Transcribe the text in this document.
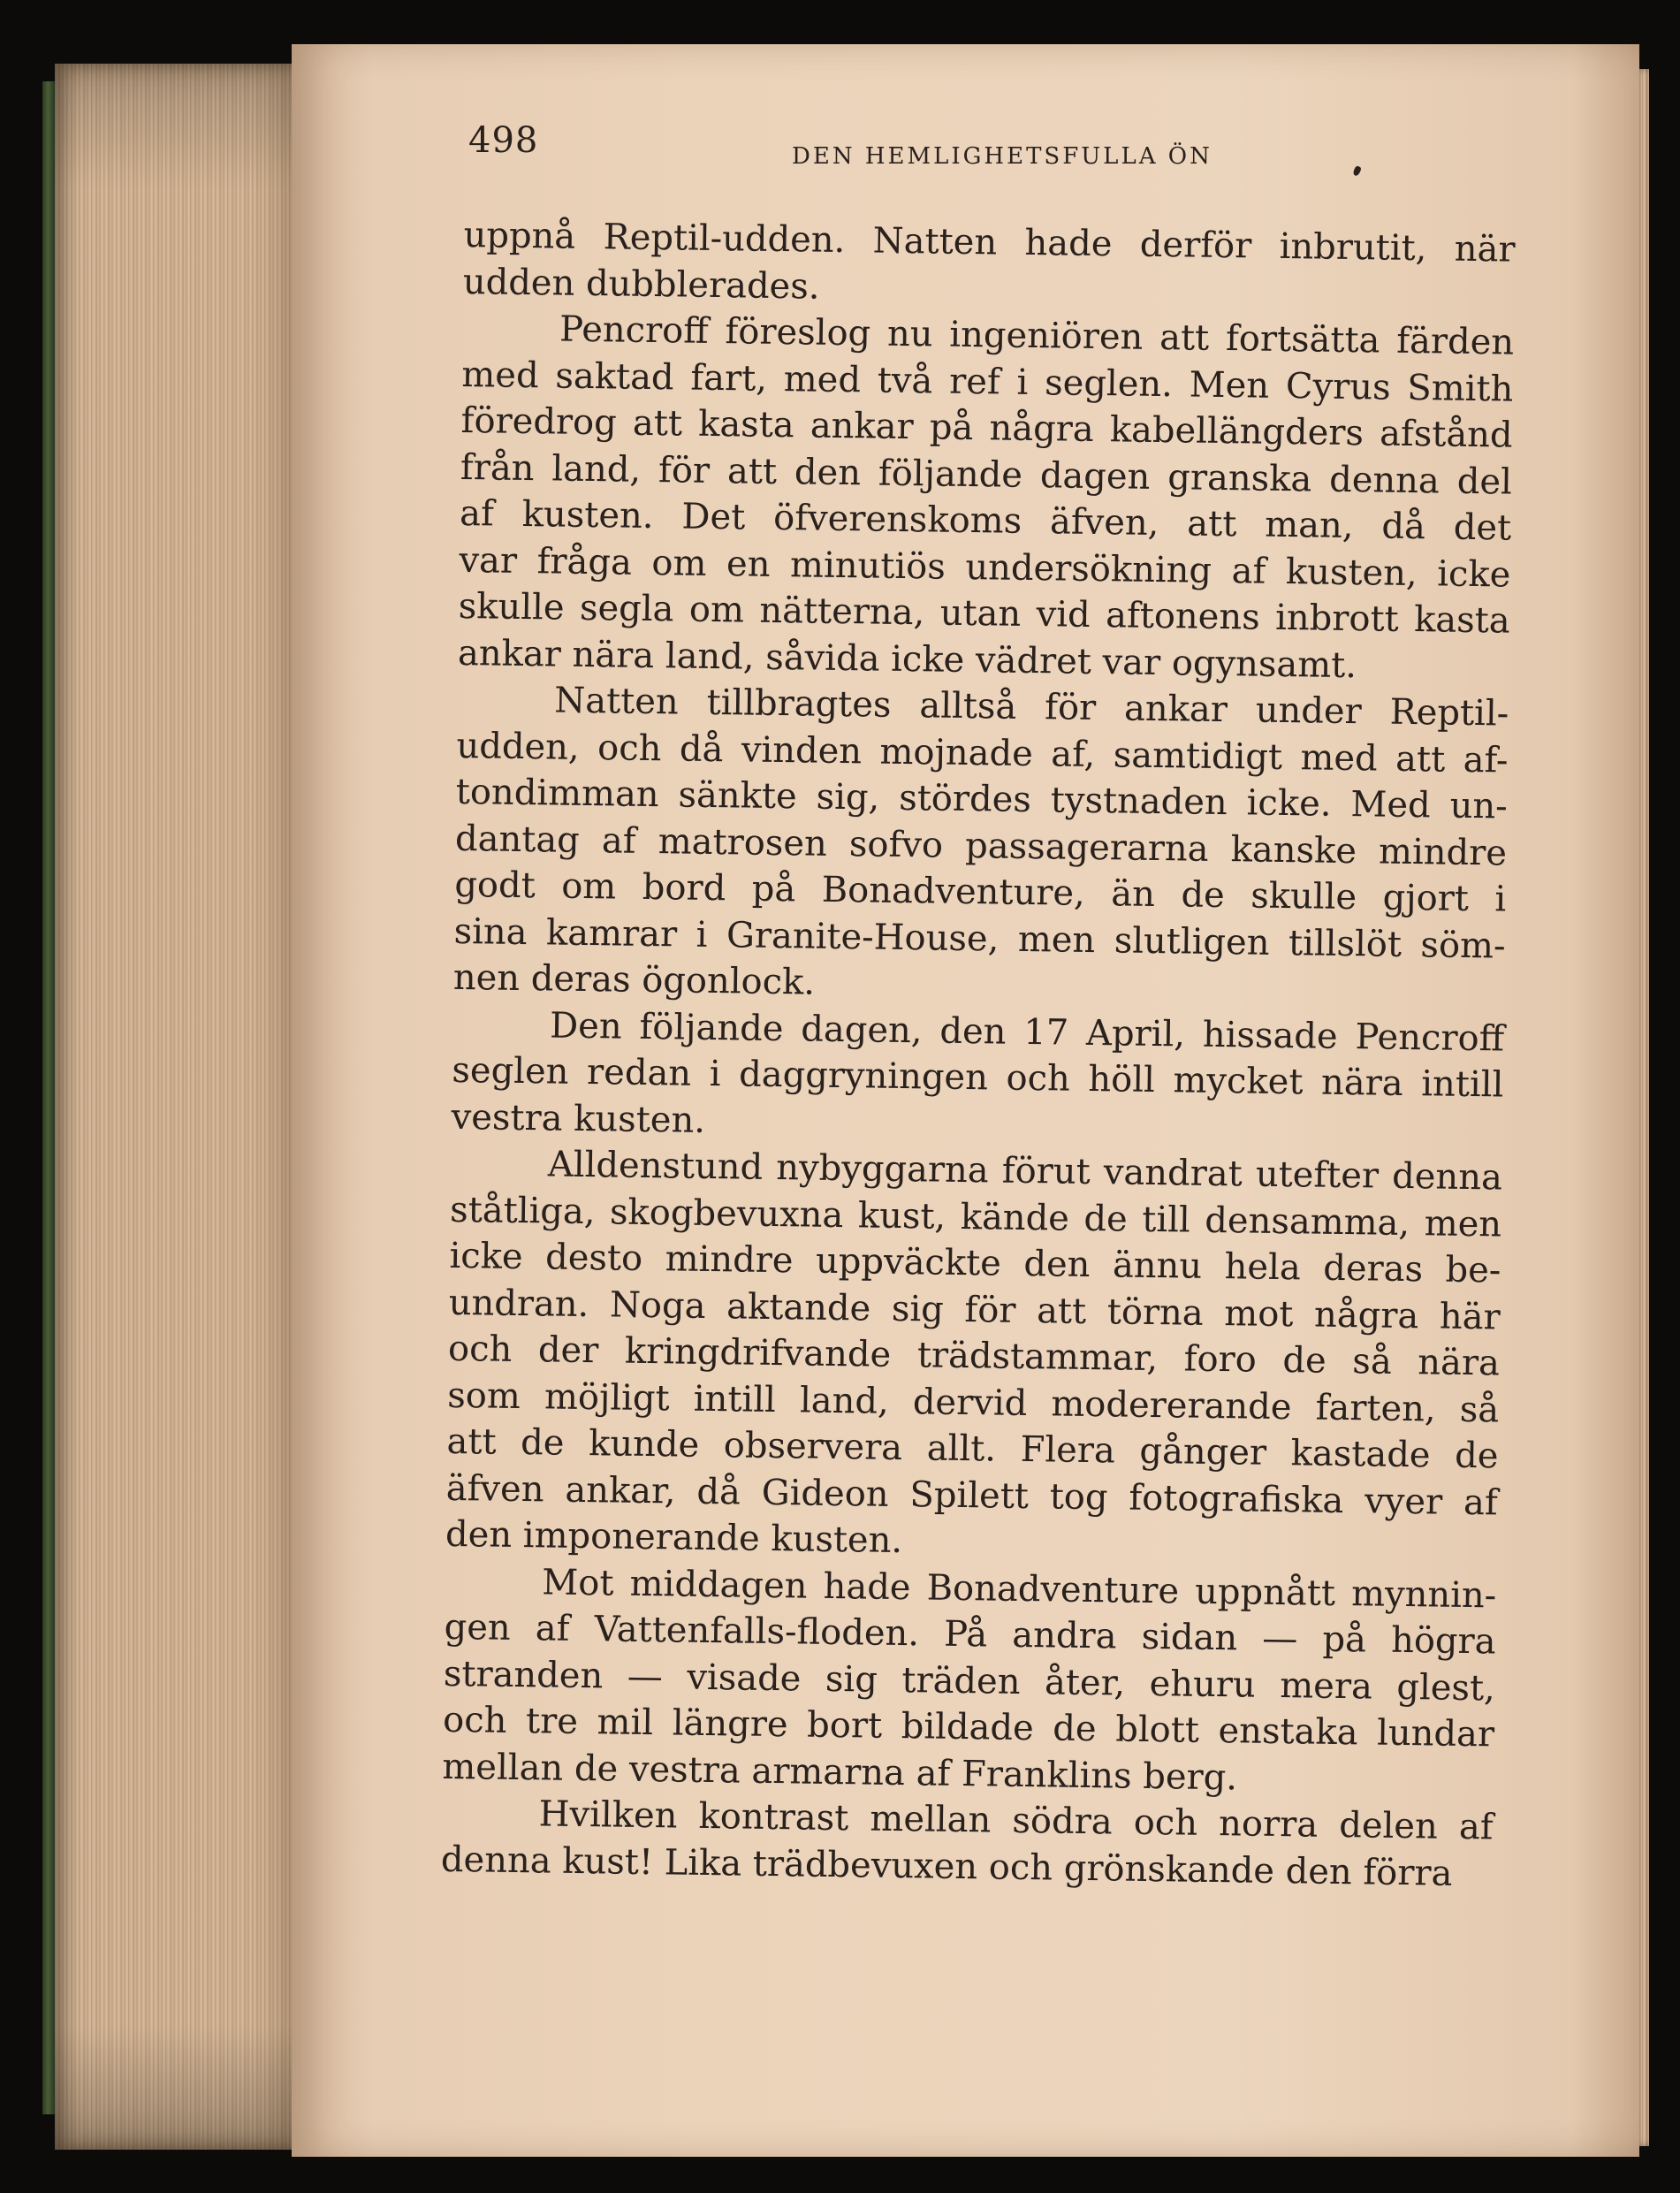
498	DEN HEMLIGHETSFULLA ÖN
uppnå Reptil-udden. Natten hade derför inbrutit, när
udden dubblerades.
Pencroff föreslog nu ingeniören att fortsätta färden
med saktad fart, med två ref i seglen. Men Cyrus Smith
föredrog att kasta ankar på några kabellängders afstånd
från land, för att den följande dagen granska denna del
af kusten. Det öfverenskoms äfven, att man, då det
var fråga om en minutiös undersökning af kusten, icke
skulle segla om nätterna, utan vid aftonens inbrott kasta
ankar nära land, såvida icke vädret var ogynsamt.
Natten tillbragtes alltså för ankar under Reptil-
udden, och då vinden mojnade af, samtidigt med att af-
tondimman sänkte sig, stördes tystnaden icke. Med un-
dantag af matrosen sofvo passagerarna kanske mindre
godt om bord på Bonadventure, än de skulle gjort i
sina kamrar i Granite-House, men slutligen tillslöt söm-
nen deras ögonlock.
Den följande dagen, den 17 April, hissade Pencroff
seglen redan i daggryningen och höll mycket nära intill
vestra kusten.
Alldenstund nybyggarna förut vandrat utefter denna
ståtliga, skogbevuxna kust, kände de till densamma, men
icke desto mindre uppväckte den ännu hela deras be-
undran. Noga aktande sig för att törna mot några här
och der kringdrifvande trädstammar, foro de så nära
som möjligt intill land, dervid modererande farten, så
att de kunde observera allt. Flera gånger kastade de
äfven ankar, då Gideon Spilett tog fotografiska vyer af
den imponerande kusten.
Mot middagen hade Bonadventure uppnått mynnin-
gen af Vattenfalls-floden. På andra sidan — på högra
stranden — visade sig träden åter, ehuru mera glest,
och tre mil längre bort bildade de blott enstaka lundar
mellan de vestra armarna af Franklins berg.
Hvilken kontrast mellan södra och norra delen af
denna kust! Lika trädbevuxen och grönskande den förra
